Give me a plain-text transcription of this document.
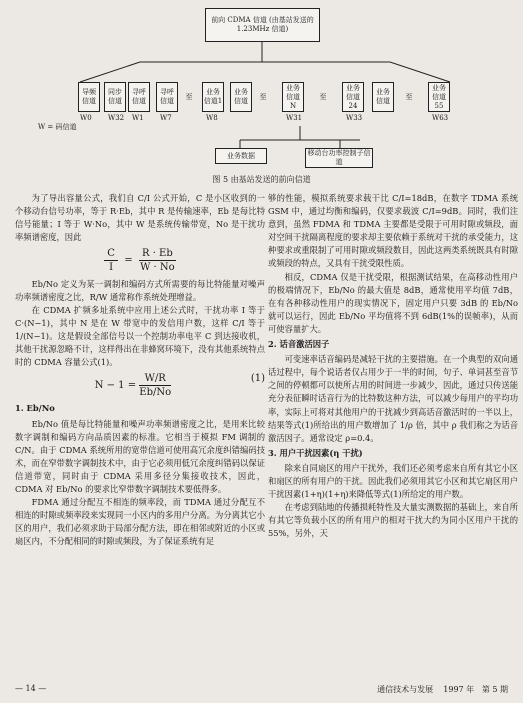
前向 CDMA 信道 (由基站发送的 1.23MHz 信道)
导频信道
同步信道
寻呼信道
寻呼信道
至
业务信道1
业务信道
至
业务信道N
至
业务信道24
业务信道
至
业务信道55
W0 W32 W1 W7	W8	W31	W33	W63
W = 码信道
业务数据	移动台功率控制子信道
图 5 由基站发送的前向信道

为了导出容量公式，我们自 C/I 公式开始，C 是小区收到的一个移动台信号功率，等于 R·Eb，其中 R 是传输速率，Eb 是每比特信号能量；I 等于 W·No，其中 W 是系统传输带宽，No 是干扰功率频谱密度，因此

$\frac{C}{I} = \frac{R \cdot Eb}{W \cdot No}$

Eb/No 定义为某一调制和编码方式所需要的每比特能量对噪声功率频谱密度之比，R/W 通常称作系统处理增益。

在 CDMA 扩频多址系统中应用上述公式时，干扰功率 I 等于 C·(N−1)，其中 N 是在 W 带宽中的发信用户数，这样 C/I 等于 1/(N−1)。这是假设全部信号以一个控制功率电平 C 到达接收机，其他干扰源忽略不计，这样得出在非蜂窝环境下，没有其他系统特点时的 CDMA 容量公式(1)。

$N - 1 = \frac{W/R}{Eb/No}$	(1)
1. Eb/No

Eb/No 值是每比特能量和噪声功率频谱密度之比，是用来比较数字调制和编码方向品质因素的标准。它相当于模拟 FM 调制的 C/N。由于 CDMA 系统所用的宽带信道可使用高冗余度纠错编码技术，而在窄带数字调制技术中，由于它必须用低冗余度纠错码以保证信道带宽，同时由于 CDMA 采用多径分集接收技术，因此，CDMA 对 Eb/No 的要求比窄带数字调制技术要低得多。

FDMA 通过分配互不相连的频率段，而 TDMA 通过分配互不相连的时隙或频率段来实现同一小区内的多用户分离。为分离其它小区的用户，我们必须求助于局部分配方法，即在相邻或附近的小区或扇区内，不分配相同的时隙或频段，为了保证系统有足

够的性能，模拟系统要求载干比 C/I=18dB，在数字 TDMA 系统 GSM 中，通过均衡和编码，仅要求载波 C/I=9dB。同时，我们注意到，虽然 FDMA 和 TDMA 主要都是受限于可用时隙或频段，面对空间干扰隔离程度的要求却主要依赖于系统对干扰的承受能力，这种要求或重限制了可用时隙或频段数目，因此这两类系统既具有时隙或频段的特点，又具有干扰受限性质。

相反，CDMA 仅是干扰受限，根据测试结果，在高移动性用户的极端情况下，Eb/No 的最大值是 8dB，通常使用平均值 7dB，在有各种移动性用户的现实情况下，固定用户只要 3dB 的 Eb/No 就可以运行，因此 Eb/No 平均值将不到 6dB(1%的误帧率)，从而可使容量扩大。

2. 话音激活因子

可变速率话音编码是减轻干扰的主要措施。在一个典型的双向通话过程中，每个说话者仅占用少于一半的时间，句子、单词甚至音节之间的停顿都可以使所占用的时间进一步减少，因此，通过只传送能充分表征瞬时话音行为的比特数这种方法，可以减少每用户的平均功率，实际上可将对其他用户的干扰减少到高话音激活时的一半以上，结果等式(1)所给出的用户数增加了 1/ρ 倍，其中 ρ 我们称之为话音激活因子。通常设定 ρ=0.4。

3. 用户干扰因素(η 干扰)

除来自同扇区的用户干扰外，我们还必须考虑来自所有其它小区和扇区的所有用户的干扰。因此我们必须用其它小区和其它扇区用户干扰因素(1+η)(1+η)来降低等式(1)所给定的用户数。

在考虑到陆地的传播损耗特性及大量实测数据的基础上，来自所有其它等负载小区的所有用户的相对干扰大约为同小区用户干扰的 55%，另外，天

— 14 —	通信技术与发展 1997 年 第 5 期
